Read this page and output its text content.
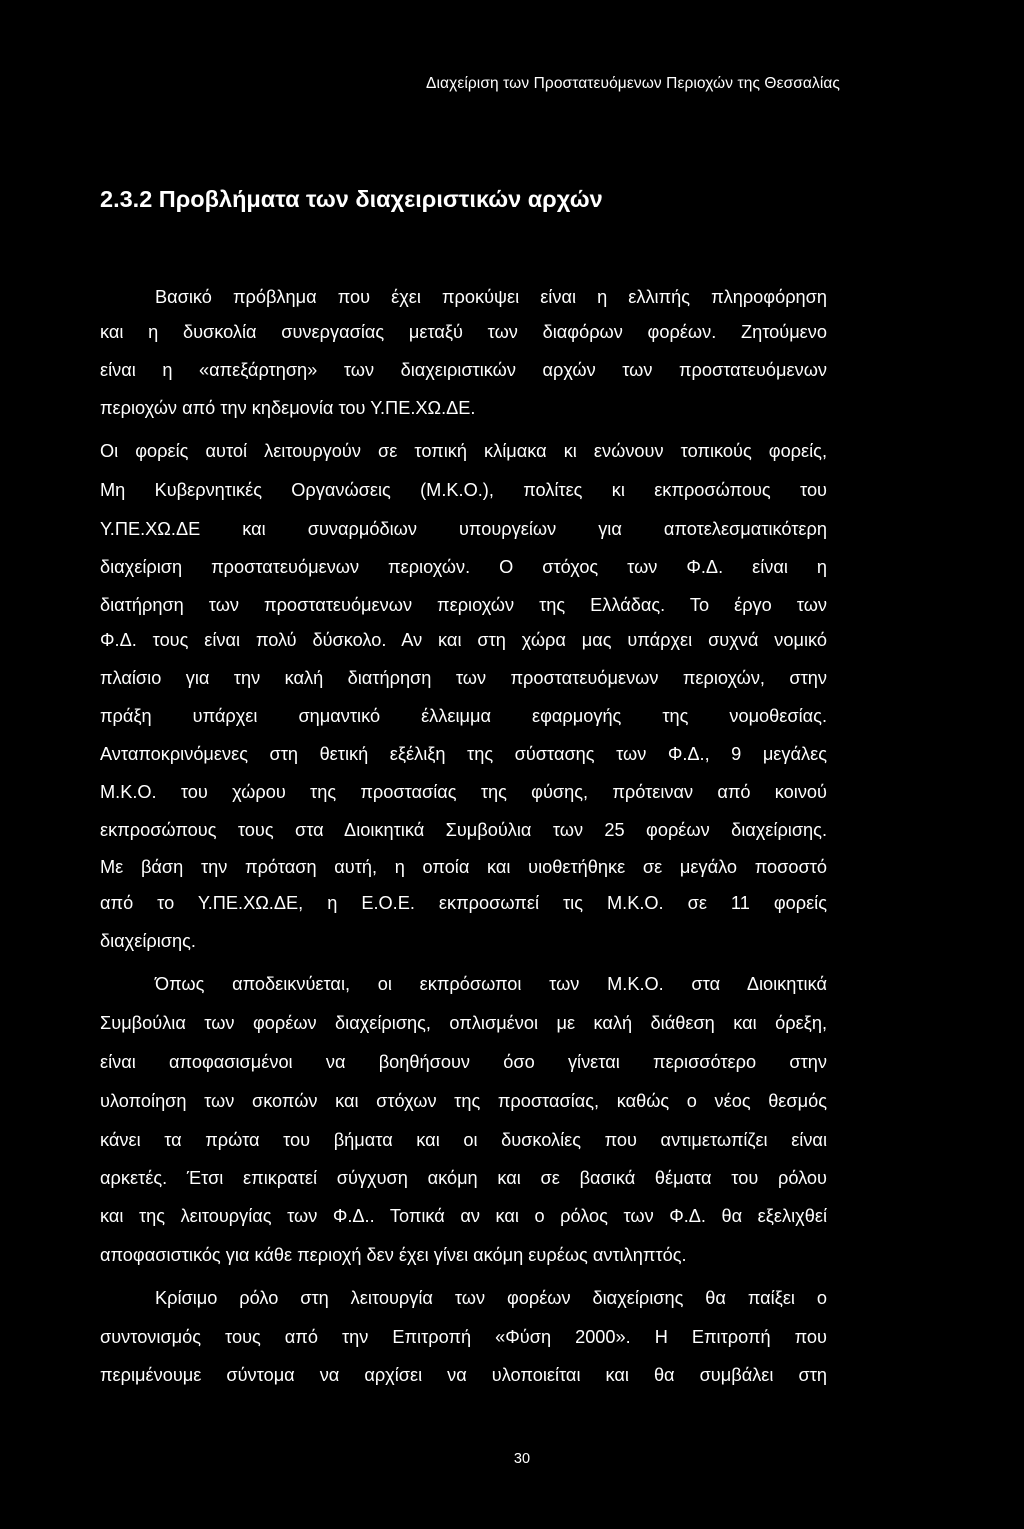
Διαχείριση των Προστατευόμενων Περιοχών της Θεσσαλίας
2.3.2 Προβλήματα των διαχειριστικών αρχών
Βασικό πρόβλημα που έχει προκύψει είναι η ελλιπής πληροφόρηση
και η δυσκολία συνεργασίας μεταξύ των διαφόρων φορέων. Ζητούμενο
είναι η «απεξάρτηση» των διαχειριστικών αρχών των προστατευόμενων
περιοχών από την κηδεμονία του Υ.ΠΕ.ΧΩ.ΔΕ.
Οι φορείς αυτοί λειτουργούν σε τοπική κλίμακα κι ενώνουν τοπικούς φορείς,
Μη Κυβερνητικές Οργανώσεις (Μ.Κ.Ο.), πολίτες κι εκπροσώπους του
Υ.ΠΕ.ΧΩ.ΔΕ και συναρμόδιων υπουργείων για αποτελεσματικότερη
διαχείριση προστατευόμενων περιοχών. Ο στόχος των Φ.Δ. είναι η
διατήρηση των προστατευόμενων περιοχών της Ελλάδας. Το έργο των
Φ.Δ. τους είναι πολύ δύσκολο. Αν και στη χώρα μας υπάρχει συχνά νομικό
πλαίσιο για την καλή διατήρηση των προστατευόμενων περιοχών, στην
πράξη υπάρχει σημαντικό έλλειμμα εφαρμογής της νομοθεσίας.
Ανταποκρινόμενες στη θετική εξέλιξη της σύστασης των Φ.Δ., 9 μεγάλες
Μ.Κ.Ο. του χώρου της προστασίας της φύσης, πρότειναν από κοινού
εκπροσώπους τους στα Διοικητικά Συμβούλια των 25 φορέων διαχείρισης.
Με βάση την πρόταση αυτή, η οποία και υιοθετήθηκε σε μεγάλο ποσοστό
από το Υ.ΠΕ.ΧΩ.ΔΕ, η Ε.Ο.Ε. εκπροσωπεί τις Μ.Κ.Ο. σε 11 φορείς
διαχείρισης.
Όπως αποδεικνύεται, οι εκπρόσωποι των Μ.Κ.Ο. στα Διοικητικά
Συμβούλια των φορέων διαχείρισης, οπλισμένοι με καλή διάθεση και όρεξη,
είναι αποφασισμένοι να βοηθήσουν όσο γίνεται περισσότερο στην
υλοποίηση των σκοπών και στόχων της προστασίας, καθώς ο νέος θεσμός
κάνει τα πρώτα του βήματα και οι δυσκολίες που αντιμετωπίζει είναι
αρκετές. Έτσι επικρατεί σύγχυση ακόμη και σε βασικά θέματα του ρόλου
και της λειτουργίας των Φ.Δ.. Τοπικά αν και ο ρόλος των Φ.Δ. θα εξελιχθεί
αποφασιστικός για κάθε περιοχή δεν έχει γίνει ακόμη ευρέως αντιληπτός.
Κρίσιμο ρόλο στη λειτουργία των φορέων διαχείρισης θα παίξει ο
συντονισμός τους από την Επιτροπή «Φύση 2000». Η Επιτροπή που
περιμένουμε σύντομα να αρχίσει να υλοποιείται και θα συμβάλει στη
30
